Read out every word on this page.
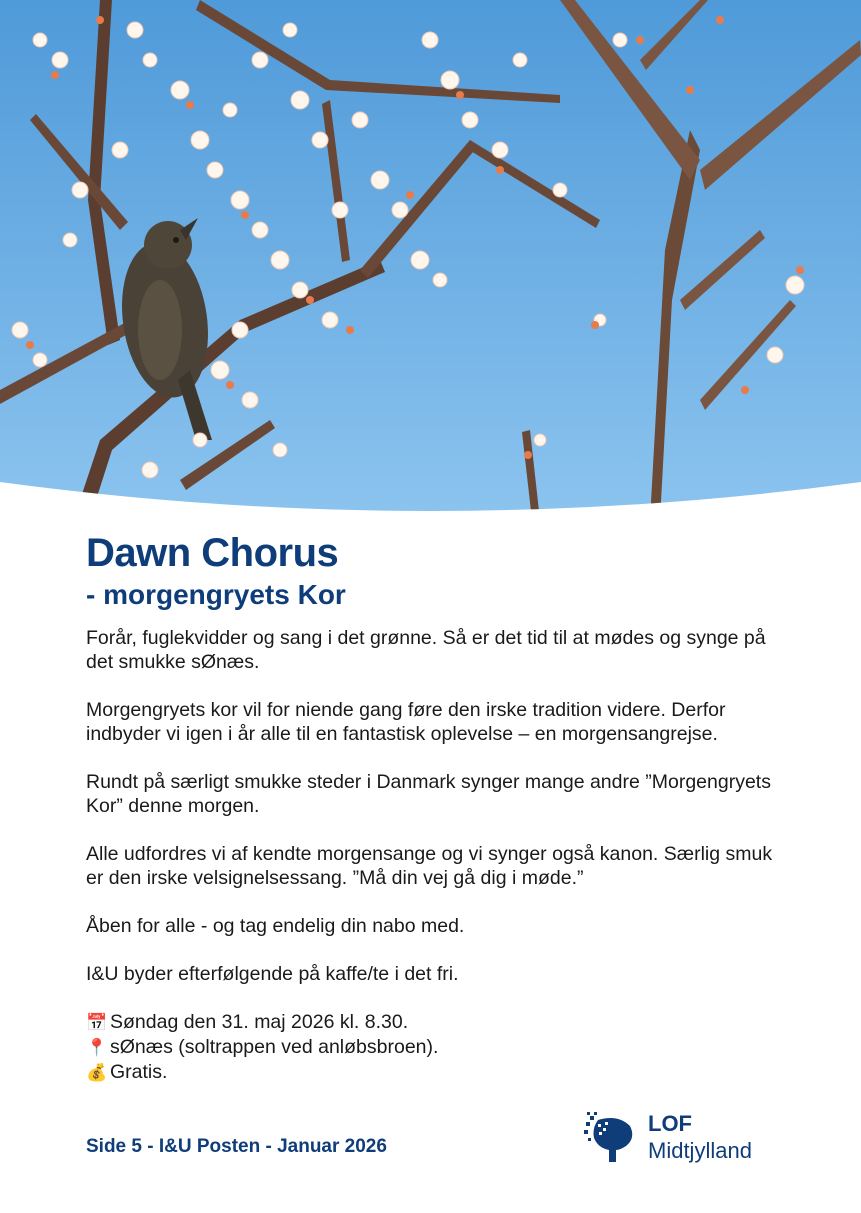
Dawn Chorus
- morgengryets Kor

Forår, fuglekvidder og sang i det grønne. Så er det tid til at mødes og synge på det smukke sØnæs.

Morgengryets kor vil for niende gang føre den irske tradition videre. Derfor indbyder vi igen i år alle til en fantastisk oplevelse – en morgensangrejse.

Rundt på særligt smukke steder i Danmark synger mange andre ”Morgengryets Kor” denne morgen.

Alle udfordres vi af kendte morgensange og vi synger også kanon. Særlig smuk er den irske velsignelsessang. ”Må din vej gå dig i møde.”

Åben for alle - og tag endelig din nabo med.

I&U byder efterfølgende på kaffe/te i det fri.

📅 Søndag den 31. maj 2026 kl. 8.30.
📍 sØnæs (soltrappen ved anløbsbroen).
💰 Gratis.
Side 5 - I&U Posten - Januar 2026
LOF
Midtjylland
